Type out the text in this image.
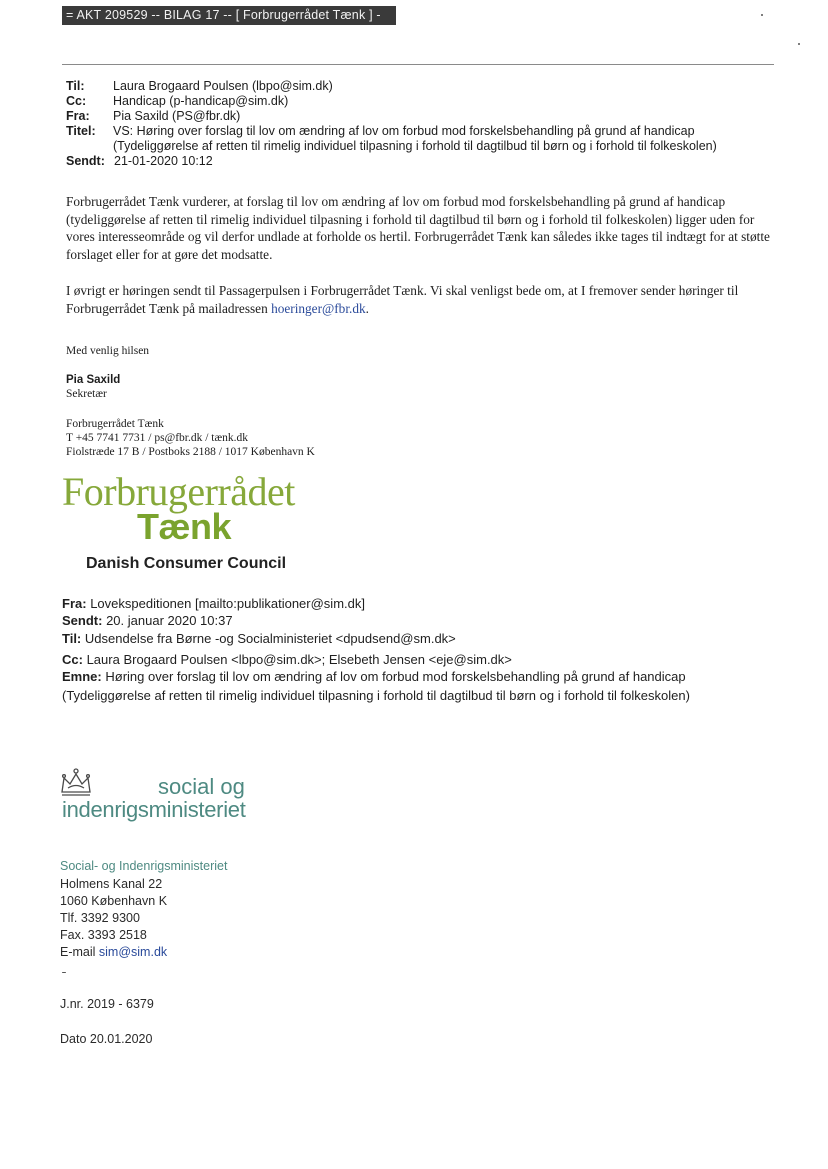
= AKT 209529 -- BILAG 17 -- [ Forbrugerrådet Tænk ] -
Til: Laura Brogaard Poulsen (lbpo@sim.dk)
Cc: Handicap (p-handicap@sim.dk)
Fra: Pia Saxild (PS@fbr.dk)
Titel: VS: Høring over forslag til lov om ændring af lov om forbud mod forskelsbehandling på grund af handicap
(Tydeliggørelse af retten til rimelig individuel tilpasning i forhold til dagtilbud til børn og i forhold til folkeskolen)
Sendt: 21-01-2020 10:12
Forbrugerrådet Tænk vurderer, at forslag til lov om ændring af lov om forbud mod forskelsbehandling på grund af handicap (tydeliggørelse af retten til rimelig individuel tilpasning i forhold til dagtilbud til børn og i forhold til folkeskolen) ligger uden for vores interesseområde og vil derfor undlade at forholde os hertil. Forbrugerrådet Tænk kan således ikke tages til indtægt for at støtte forslaget eller for at gøre det modsatte.
I øvrigt er høringen sendt til Passagerpulsen i Forbrugerrådet Tænk. Vi skal venligst bede om, at I fremover sender høringer til Forbrugerrådet Tænk på mailadressen hoeringer@fbr.dk.
Med venlig hilsen
Pia Saxild
Sekretær
Forbrugerrådet Tænk
T +45 7741 7731 / ps@fbr.dk / tænk.dk
Fiolstræde 17 B / Postboks 2188 / 1017 København K
Forbrugerrådet
Tænk
Danish Consumer Council
Fra: Lovekspeditionen [mailto:publikationer@sim.dk]
Sendt: 20. januar 2020 10:37
Til: Udsendelse fra Børne -og Socialministeriet <dpudsend@sm.dk>
Cc: Laura Brogaard Poulsen <lbpo@sim.dk>; Elsebeth Jensen <eje@sim.dk>
Emne: Høring over forslag til lov om ændring af lov om forbud mod forskelsbehandling på grund af handicap
(Tydeliggørelse af retten til rimelig individuel tilpasning i forhold til dagtilbud til børn og i forhold til folkeskolen)
social og
indenrigsministeriet
Social- og Indenrigsministeriet
Holmens Kanal 22
1060 København K
Tlf. 3392 9300
Fax. 3393 2518
E-mail sim@sim.dk
J.nr. 2019 - 6379
Dato 20.01.2020
